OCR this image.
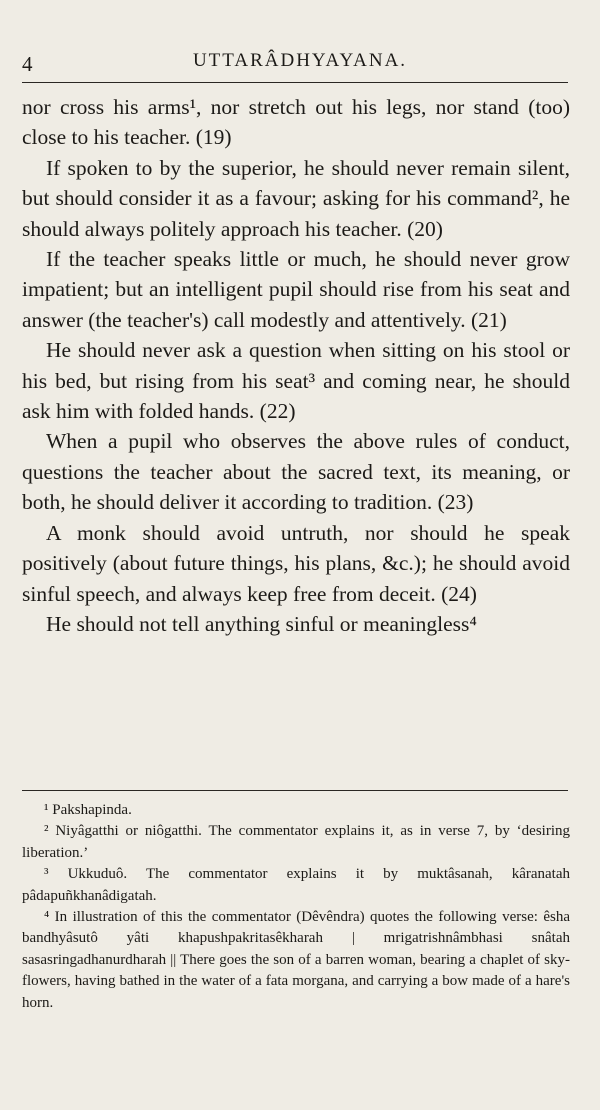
4	UTTARÂDHYAYANA.

nor cross his arms¹, nor stretch out his legs, nor stand (too) close to his teacher. (19)

If spoken to by the superior, he should never remain silent, but should consider it as a favour; asking for his command², he should always politely approach his teacher. (20)

If the teacher speaks little or much, he should never grow impatient; but an intelligent pupil should rise from his seat and answer (the teacher's) call modestly and attentively. (21)

He should never ask a question when sitting on his stool or his bed, but rising from his seat³ and coming near, he should ask him with folded hands. (22)

When a pupil who observes the above rules of conduct, questions the teacher about the sacred text, its meaning, or both, he should deliver it according to tradition. (23)

A monk should avoid untruth, nor should he speak positively (about future things, his plans, &c.); he should avoid sinful speech, and always keep free from deceit. (24)

He should not tell anything sinful or meaningless⁴

¹ Pakshapinda.

² Niyâgatthi or niôgatthi. The commentator explains it, as in verse 7, by ‘desiring liberation.’

³ Ukkuduô. The commentator explains it by muktâsanah, kâranatah pâdapuñkhanâdigatah.

⁴ In illustration of this the commentator (Dêvêndra) quotes the following verse: êsha bandhyâsutô yâti khapushpakritasêkharah | mrigatrishnâmbhasi snâtah sasasringadhanurdharah || There goes the son of a barren woman, bearing a chaplet of sky-flowers, having bathed in the water of a fata morgana, and carrying a bow made of a hare's horn.
